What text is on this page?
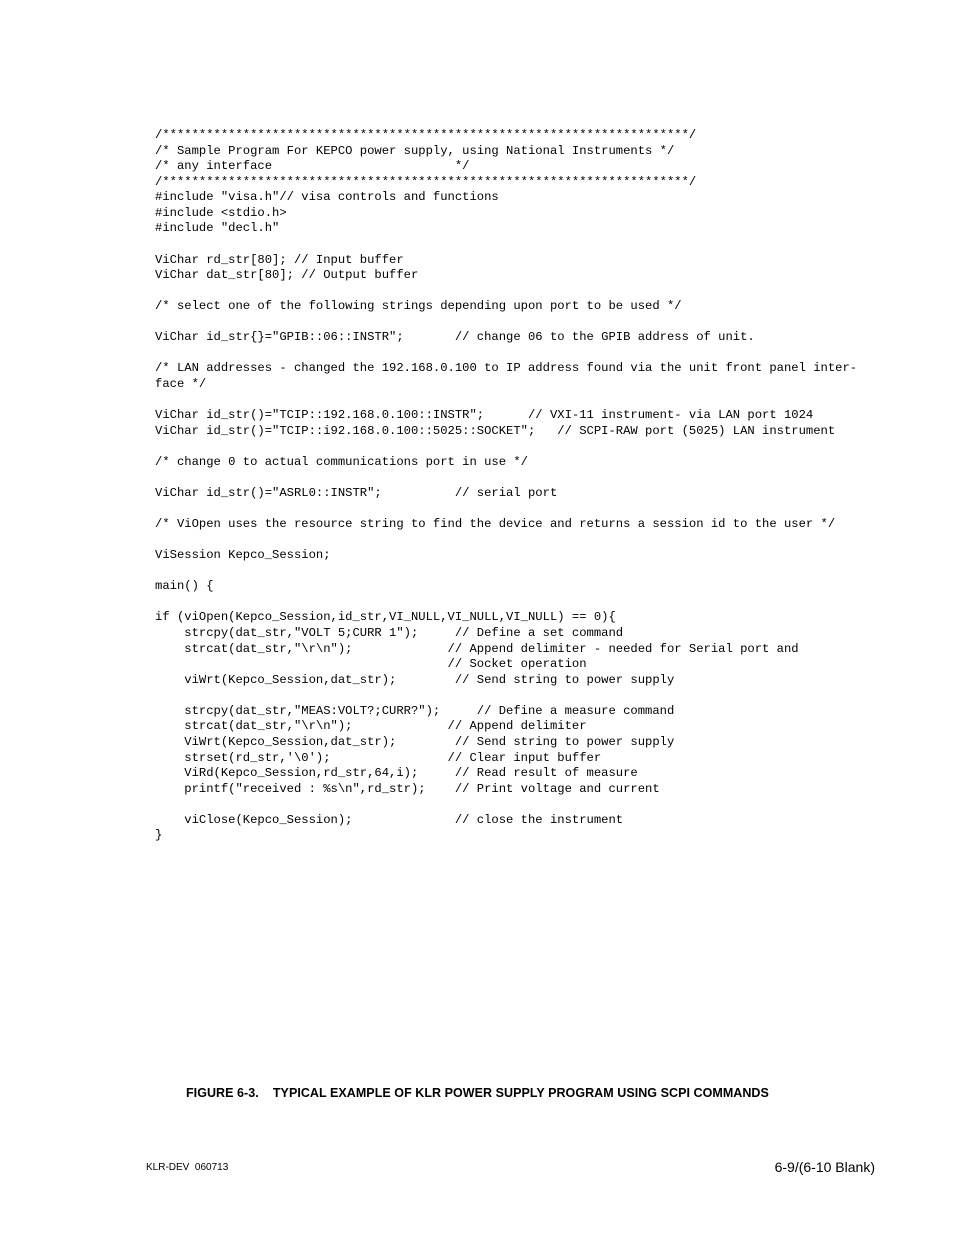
/************************************************************************/
/* Sample Program For KEPCO power supply, using National Instruments */
/* any interface                         */
/************************************************************************/
#include "visa.h"// visa controls and functions
#include <stdio.h>
#include "decl.h"
ViChar rd_str[80]; // Input buffer
ViChar dat_str[80]; // Output buffer
/* select one of the following strings depending upon port to be used */
ViChar id_str{}="GPIB::06::INSTR";       // change 06 to the GPIB address of unit.
/* LAN addresses - changed the 192.168.0.100 to IP address found via the unit front panel inter-
face */
ViChar id_str()="TCIP::192.168.0.100::INSTR";      // VXI-11 instrument- via LAN port 1024
ViChar id_str()="TCIP::i92.168.0.100::5025::SOCKET";   // SCPI-RAW port (5025) LAN instrument
/* change 0 to actual communications port in use */
ViChar id_str()="ASRL0::INSTR";          // serial port
/* ViOpen uses the resource string to find the device and returns a session id to the user */
ViSession Kepco_Session;
main() {
if (viOpen(Kepco_Session,id_str,VI_NULL,VI_NULL,VI_NULL) == 0){
strcpy(dat_str,"VOLT 5;CURR 1");     // Define a set command
strcat(dat_str,"\r\n");             // Append delimiter - needed for Serial port and
// Socket operation
viWrt(Kepco_Session,dat_str);        // Send string to power supply
strcpy(dat_str,"MEAS:VOLT?;CURR?");     // Define a measure command
strcat(dat_str,"\r\n");             // Append delimiter
ViWrt(Kepco_Session,dat_str);        // Send string to power supply
strset(rd_str,'\0');                // Clear input buffer
ViRd(Kepco_Session,rd_str,64,i);     // Read result of measure
printf("received : %s\n",rd_str);    // Print voltage and current
viClose(Kepco_Session);              // close the instrument
}
FIGURE 6-3.    TYPICAL EXAMPLE OF KLR POWER SUPPLY PROGRAM USING SCPI COMMANDS
KLR-DEV  060713	6-9/(6-10 Blank)
